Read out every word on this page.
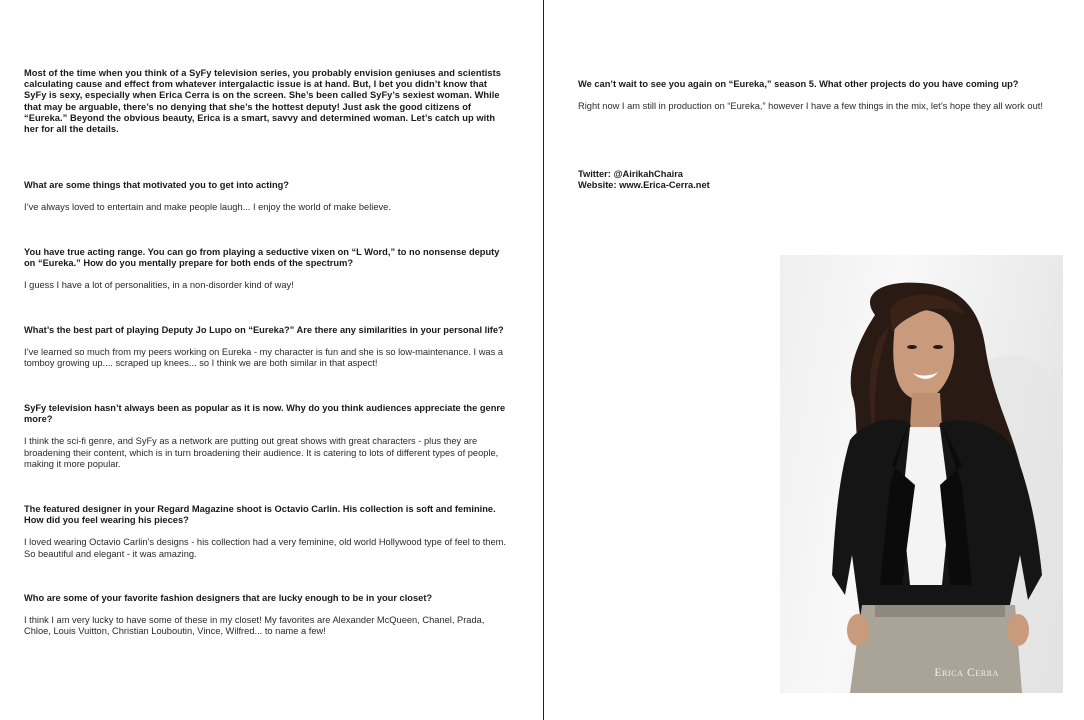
Most of the time when you think of a SyFy television series, you probably envision geniuses and scientists calculating cause and effect from whatever intergalactic issue is at hand. But, I bet you didn’t know that SyFy is sexy, especially when Erica Cerra is on the screen. She’s been called SyFy’s sexiest woman. While that may be arguable, there’s no denying that she’s the hottest deputy! Just ask the good citizens of “Eureka.” Beyond the obvious beauty, Erica is a smart, savvy and determined woman. Let’s catch up with her for all the details.

What are some things that motivated you to get into acting?

I’ve always loved to entertain and make people laugh... I enjoy the world of make believe.

You have true acting range. You can go from playing a seductive vixen on “L Word,” to no nonsense deputy on “Eureka.” How do you mentally prepare for both ends of the spectrum?

I guess I have a lot of personalities, in a non-disorder kind of way!

What’s the best part of playing Deputy Jo Lupo on “Eureka?” Are there any similarities in your personal life?

I’ve learned so much from my peers working on Eureka - my character is fun and she is so low-maintenance. I was a tomboy growing up.... scraped up knees... so I think we are both similar in that aspect!

SyFy television hasn’t always been as popular as it is now. Why do you think audiences appreciate the genre more?

I think the sci-fi genre, and SyFy as a network are putting out great shows with great characters - plus they are broadening their content, which is in turn broadening their audience. It is catering to lots of different types of people, making it more popular.

The featured designer in your Regard Magazine shoot is Octavio Carlin. His collection is soft and feminine. How did you feel wearing his pieces?

I loved wearing Octavio Carlin’s designs - his collection had a very feminine, old world Hollywood type of feel to them. So beautiful and elegant - it was amazing.

Who are some of your favorite fashion designers that are lucky enough to be in your closet?

I think I am very lucky to have some of these in my closet! My favorites are Alexander McQueen, Chanel, Prada, Chloe, Louis Vuitton, Christian Louboutin, Vince, Wilfred... to name a few!

We can’t wait to see you again on “Eureka,” season 5. What other projects do you have coming up?

Right now I am still in production on “Eureka,” however I have a few things in the mix, let’s hope they all work out!

Twitter: @AirikahChaira

Website: www.Erica-Cerra.net

Erica Cerra
